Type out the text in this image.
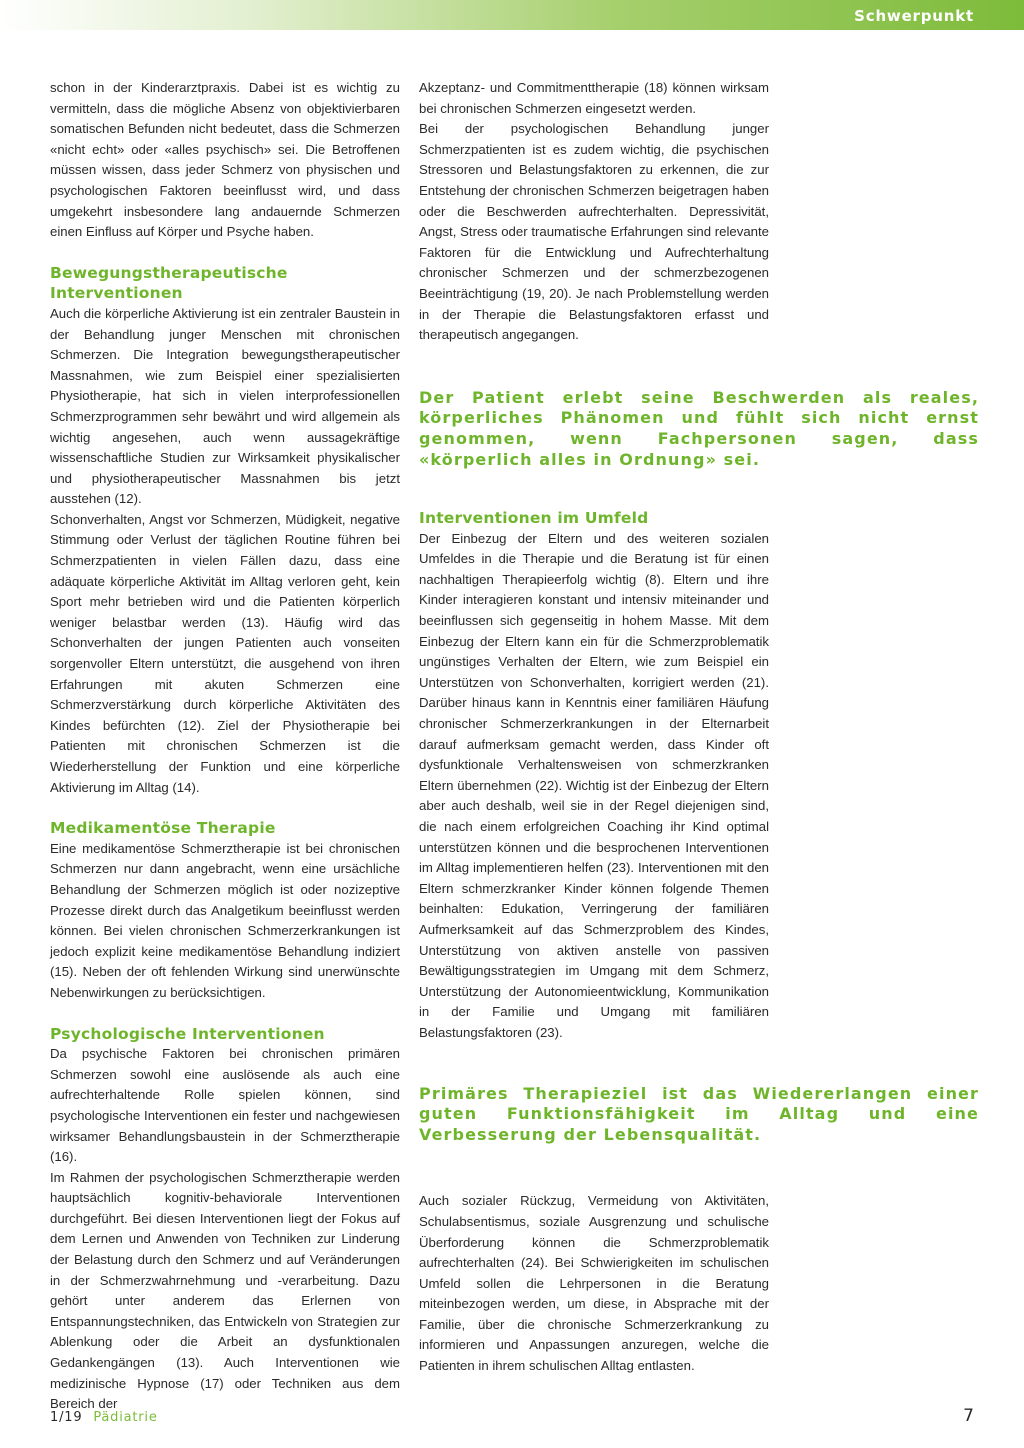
Schwerpunkt

schon in der Kinderarztpraxis. Dabei ist es wichtig zu vermitteln, dass die mögliche Absenz von objektivierbaren somatischen Befunden nicht bedeutet, dass die Schmerzen «nicht echt» oder «alles psychisch» sei. Die Betroffenen müssen wissen, dass jeder Schmerz von physischen und psychologischen Faktoren beeinflusst wird, und dass umgekehrt insbesondere lang andauernde Schmerzen einen Einfluss auf Körper und Psyche haben.

Bewegungstherapeutische Interventionen

Auch die körperliche Aktivierung ist ein zentraler Baustein in der Behandlung junger Menschen mit chronischen Schmerzen. Die Integration bewegungstherapeutischer Massnahmen, wie zum Beispiel einer spezialisierten Physiotherapie, hat sich in vielen interprofessionellen Schmerzprogrammen sehr bewährt und wird allgemein als wichtig angesehen, auch wenn aussagekräftige wissenschaftliche Studien zur Wirksamkeit physikalischer und physiotherapeutischer Massnahmen bis jetzt ausstehen (12).

Schonverhalten, Angst vor Schmerzen, Müdigkeit, negative Stimmung oder Verlust der täglichen Routine führen bei Schmerzpatienten in vielen Fällen dazu, dass eine adäquate körperliche Aktivität im Alltag verloren geht, kein Sport mehr betrieben wird und die Patienten körperlich weniger belastbar werden (13). Häufig wird das Schonverhalten der jungen Patienten auch vonseiten sorgenvoller Eltern unterstützt, die ausgehend von ihren Erfahrungen mit akuten Schmerzen eine Schmerzverstärkung durch körperliche Aktivitäten des Kindes befürchten (12). Ziel der Physiotherapie bei Patienten mit chronischen Schmerzen ist die Wiederherstellung der Funktion und eine körperliche Aktivierung im Alltag (14).

Medikamentöse Therapie

Eine medikamentöse Schmerztherapie ist bei chronischen Schmerzen nur dann angebracht, wenn eine ursächliche Behandlung der Schmerzen möglich ist oder nozizeptive Prozesse direkt durch das Analgetikum beeinflusst werden können. Bei vielen chronischen Schmerzerkrankungen ist jedoch explizit keine medikamentöse Behandlung indiziert (15). Neben der oft fehlenden Wirkung sind unerwünschte Nebenwirkungen zu berücksichtigen.

Psychologische Interventionen

Da psychische Faktoren bei chronischen primären Schmerzen sowohl eine auslösende als auch eine aufrechterhaltende Rolle spielen können, sind psychologische Interventionen ein fester und nachgewiesen wirksamer Behandlungsbaustein in der Schmerztherapie (16).

Im Rahmen der psychologischen Schmerztherapie werden hauptsächlich kognitiv-behaviorale Interventionen durchgeführt. Bei diesen Interventionen liegt der Fokus auf dem Lernen und Anwenden von Techniken zur Linderung der Belastung durch den Schmerz und auf Veränderungen in der Schmerzwahrnehmung und -verarbeitung. Dazu gehört unter anderem das Erlernen von Entspannungstechniken, das Entwickeln von Strategien zur Ablenkung oder die Arbeit an dysfunktionalen Gedankengängen (13). Auch Interventionen wie medizinische Hypnose (17) oder Techniken aus dem Bereich der

Akzeptanz- und Commitmenttherapie (18) können wirksam bei chronischen Schmerzen eingesetzt werden.

Bei der psychologischen Behandlung junger Schmerzpatienten ist es zudem wichtig, die psychischen Stressoren und Belastungsfaktoren zu erkennen, die zur Entstehung der chronischen Schmerzen beigetragen haben oder die Beschwerden aufrechterhalten. Depressivität, Angst, Stress oder traumatische Erfahrungen sind relevante Faktoren für die Entwicklung und Aufrechterhaltung chronischer Schmerzen und der schmerzbezogenen Beeinträchtigung (19, 20). Je nach Problemstellung werden in der Therapie die Belastungsfaktoren erfasst und therapeutisch angegangen.

Der Patient erlebt seine Beschwerden als reales, körperliches Phänomen und fühlt sich nicht ernst genommen, wenn Fachpersonen sagen, dass «körperlich alles in Ordnung» sei.

Interventionen im Umfeld

Der Einbezug der Eltern und des weiteren sozialen Umfeldes in die Therapie und die Beratung ist für einen nachhaltigen Therapieerfolg wichtig (8). Eltern und ihre Kinder interagieren konstant und intensiv miteinander und beeinflussen sich gegenseitig in hohem Masse. Mit dem Einbezug der Eltern kann ein für die Schmerzproblematik ungünstiges Verhalten der Eltern, wie zum Beispiel ein Unterstützen von Schonverhalten, korrigiert werden (21). Darüber hinaus kann in Kenntnis einer familiären Häufung chronischer Schmerzerkrankungen in der Elternarbeit darauf aufmerksam gemacht werden, dass Kinder oft dysfunktionale Verhaltensweisen von schmerzkranken Eltern übernehmen (22). Wichtig ist der Einbezug der Eltern aber auch deshalb, weil sie in der Regel diejenigen sind, die nach einem erfolgreichen Coaching ihr Kind optimal unterstützen können und die besprochenen Interventionen im Alltag implementieren helfen (23). Interventionen mit den Eltern schmerzkranker Kinder können folgende Themen beinhalten: Edukation, Verringerung der familiären Aufmerksamkeit auf das Schmerzproblem des Kindes, Unterstützung von aktiven anstelle von passiven Bewältigungsstrategien im Umgang mit dem Schmerz, Unterstützung der Autonomieentwicklung, Kommunikation in der Familie und Umgang mit familiären Belastungsfaktoren (23).

Primäres Therapieziel ist das Wiedererlangen einer guten Funktionsfähigkeit im Alltag und eine Verbesserung der Lebensqualität.

Auch sozialer Rückzug, Vermeidung von Aktivitäten, Schulabsentismus, soziale Ausgrenzung und schulische Überforderung können die Schmerzproblematik aufrechterhalten (24). Bei Schwierigkeiten im schulischen Umfeld sollen die Lehrpersonen in die Beratung miteinbezogen werden, um diese, in Absprache mit der Familie, über die chronische Schmerzerkrankung zu informieren und Anpassungen anzuregen, welche die Patienten in ihrem schulischen Alltag entlasten.

1/19 Pädiatrie	7
